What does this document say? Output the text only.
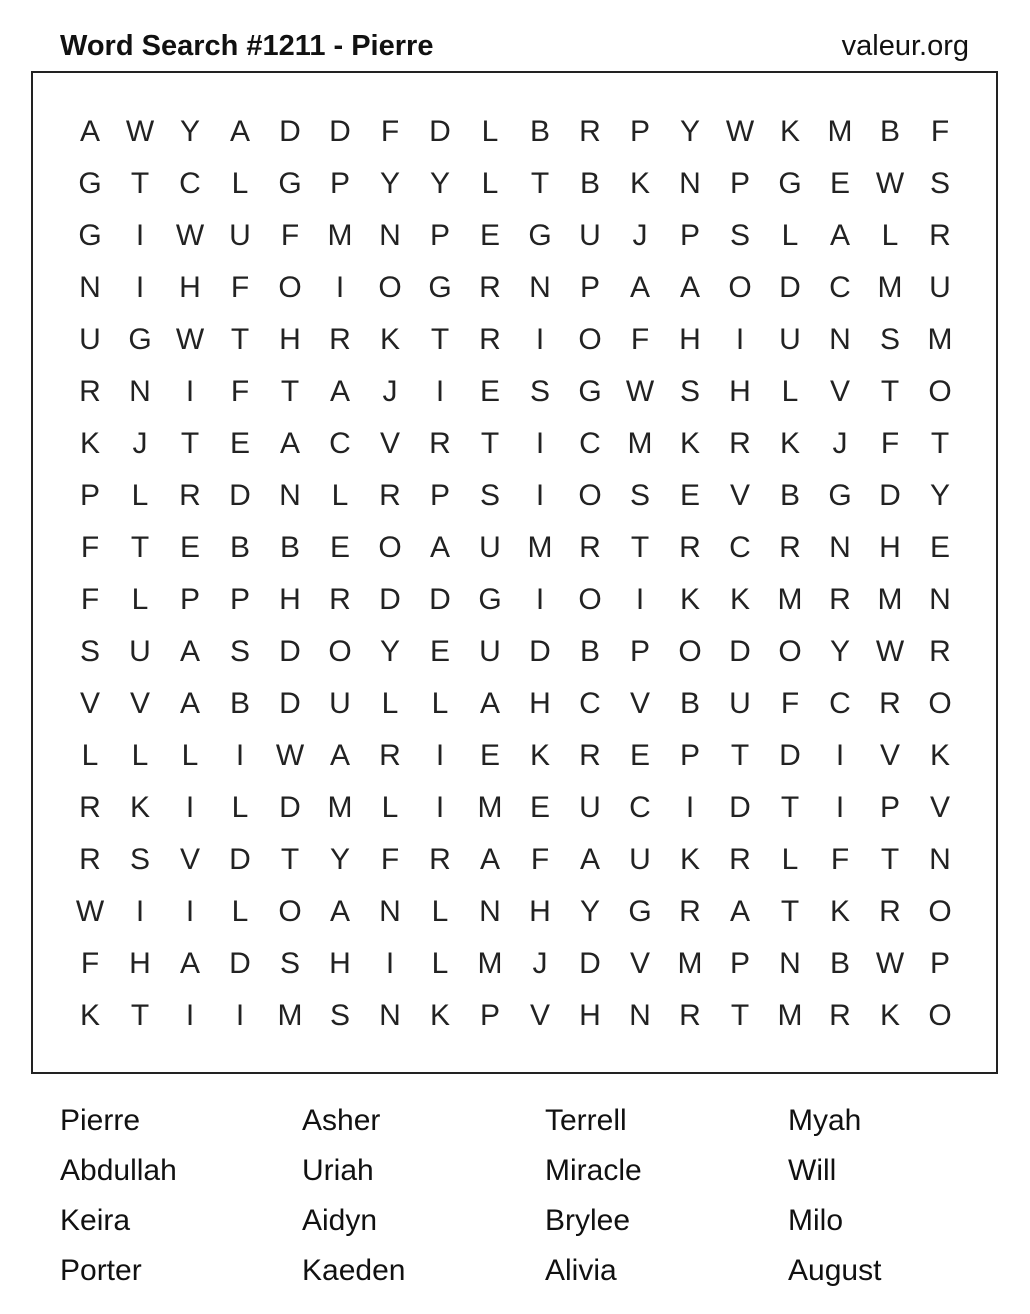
Word Search #1211 - Pierre	valeur.org
A W Y A D D	F	D	L	B R P Y W K M B	F
G T	C	L G P Y Y	L	T	B K N P G E W S
G	I	W U	F M N P E G U	J	P S	L	A	L	R
N	I	H	F O	I	O G R N P A A O D C M U
U G W T	H R K	T	R	I	O F	H	I	U N S M
R N	I	F	T	A	J	I	E S G W S H	L	V	T O
K	J	T	E A C V R	T	I	C M K R K	J	F	T
P	L	R D N	L	R P S	I	O S E V B G D Y
F	T	E B B E O A U M R	T	R C R N H E
F	L	P P H R D D G	I	O	I	K K M R M N
S U A S D O Y E U D B P O D O Y W R
V V A B D U	L	L	A H C V B U	F	C R O
L	L	L	I	W A R	I	E K R E P	T	D	I	V K
R K	I	L	D M L	I	M E U C	I	D	T	I	P V
R S V D	T	Y	F	R A	F	A U K R	L	F	T	N
W	I	I	L O A N	L	N H Y G R A	T	K R O
F	H A D S H	I	L M	J	D V M P N B W P
K	T	I	I	M S N K P V H N R	T M R K O
Pierre	Asher	Terrell	Myah
Abdullah	Uriah	Miracle	Will
Keira	Aidyn	Brylee	Milo
Porter	Kaeden	Alivia	August
